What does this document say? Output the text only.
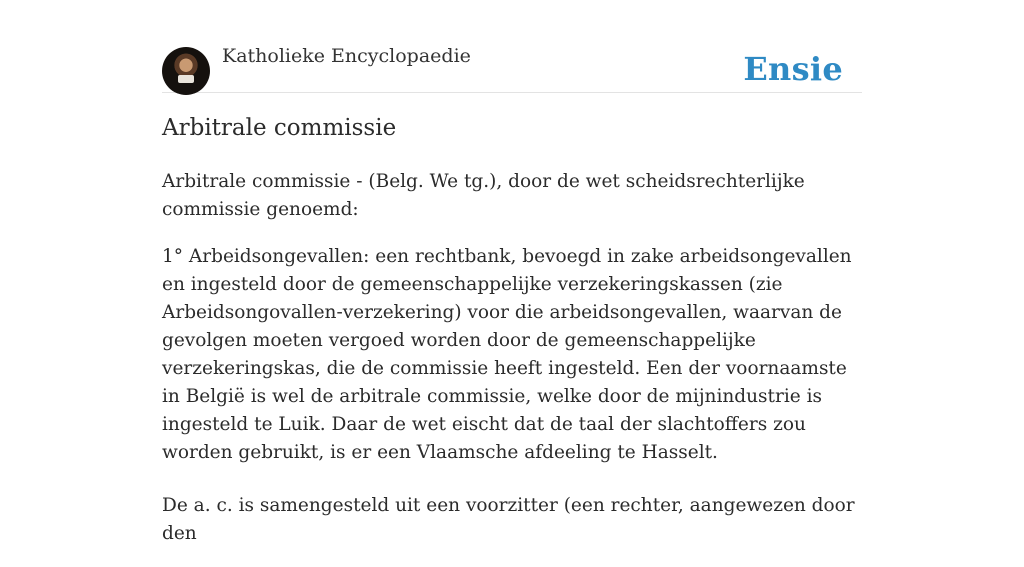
Katholieke Encyclopaedie	Ensie
Arbitrale commissie

Arbitrale commissie - (Belg. We tg.), door de wet scheidsrechterlijke commissie genoemd:

1° Arbeidsongevallen: een rechtbank, bevoegd in zake arbeidsongevallen en ingesteld door de gemeenschappelijke verzekeringskassen (zie Arbeidsongovallen-verzekering) voor die arbeidsongevallen, waarvan de gevolgen moeten vergoed worden door de gemeenschappelijke verzekeringskas, die de commissie heeft ingesteld. Een der voornaamste in België is wel de arbitrale commissie, welke door de mijnindustrie is ingesteld te Luik. Daar de wet eischt dat de taal der slachtoffers zou worden gebruikt, is er een Vlaamsche afdeeling te Hasselt.

De a. c. is samengesteld uit een voorzitter (een rechter, aangewezen door den
